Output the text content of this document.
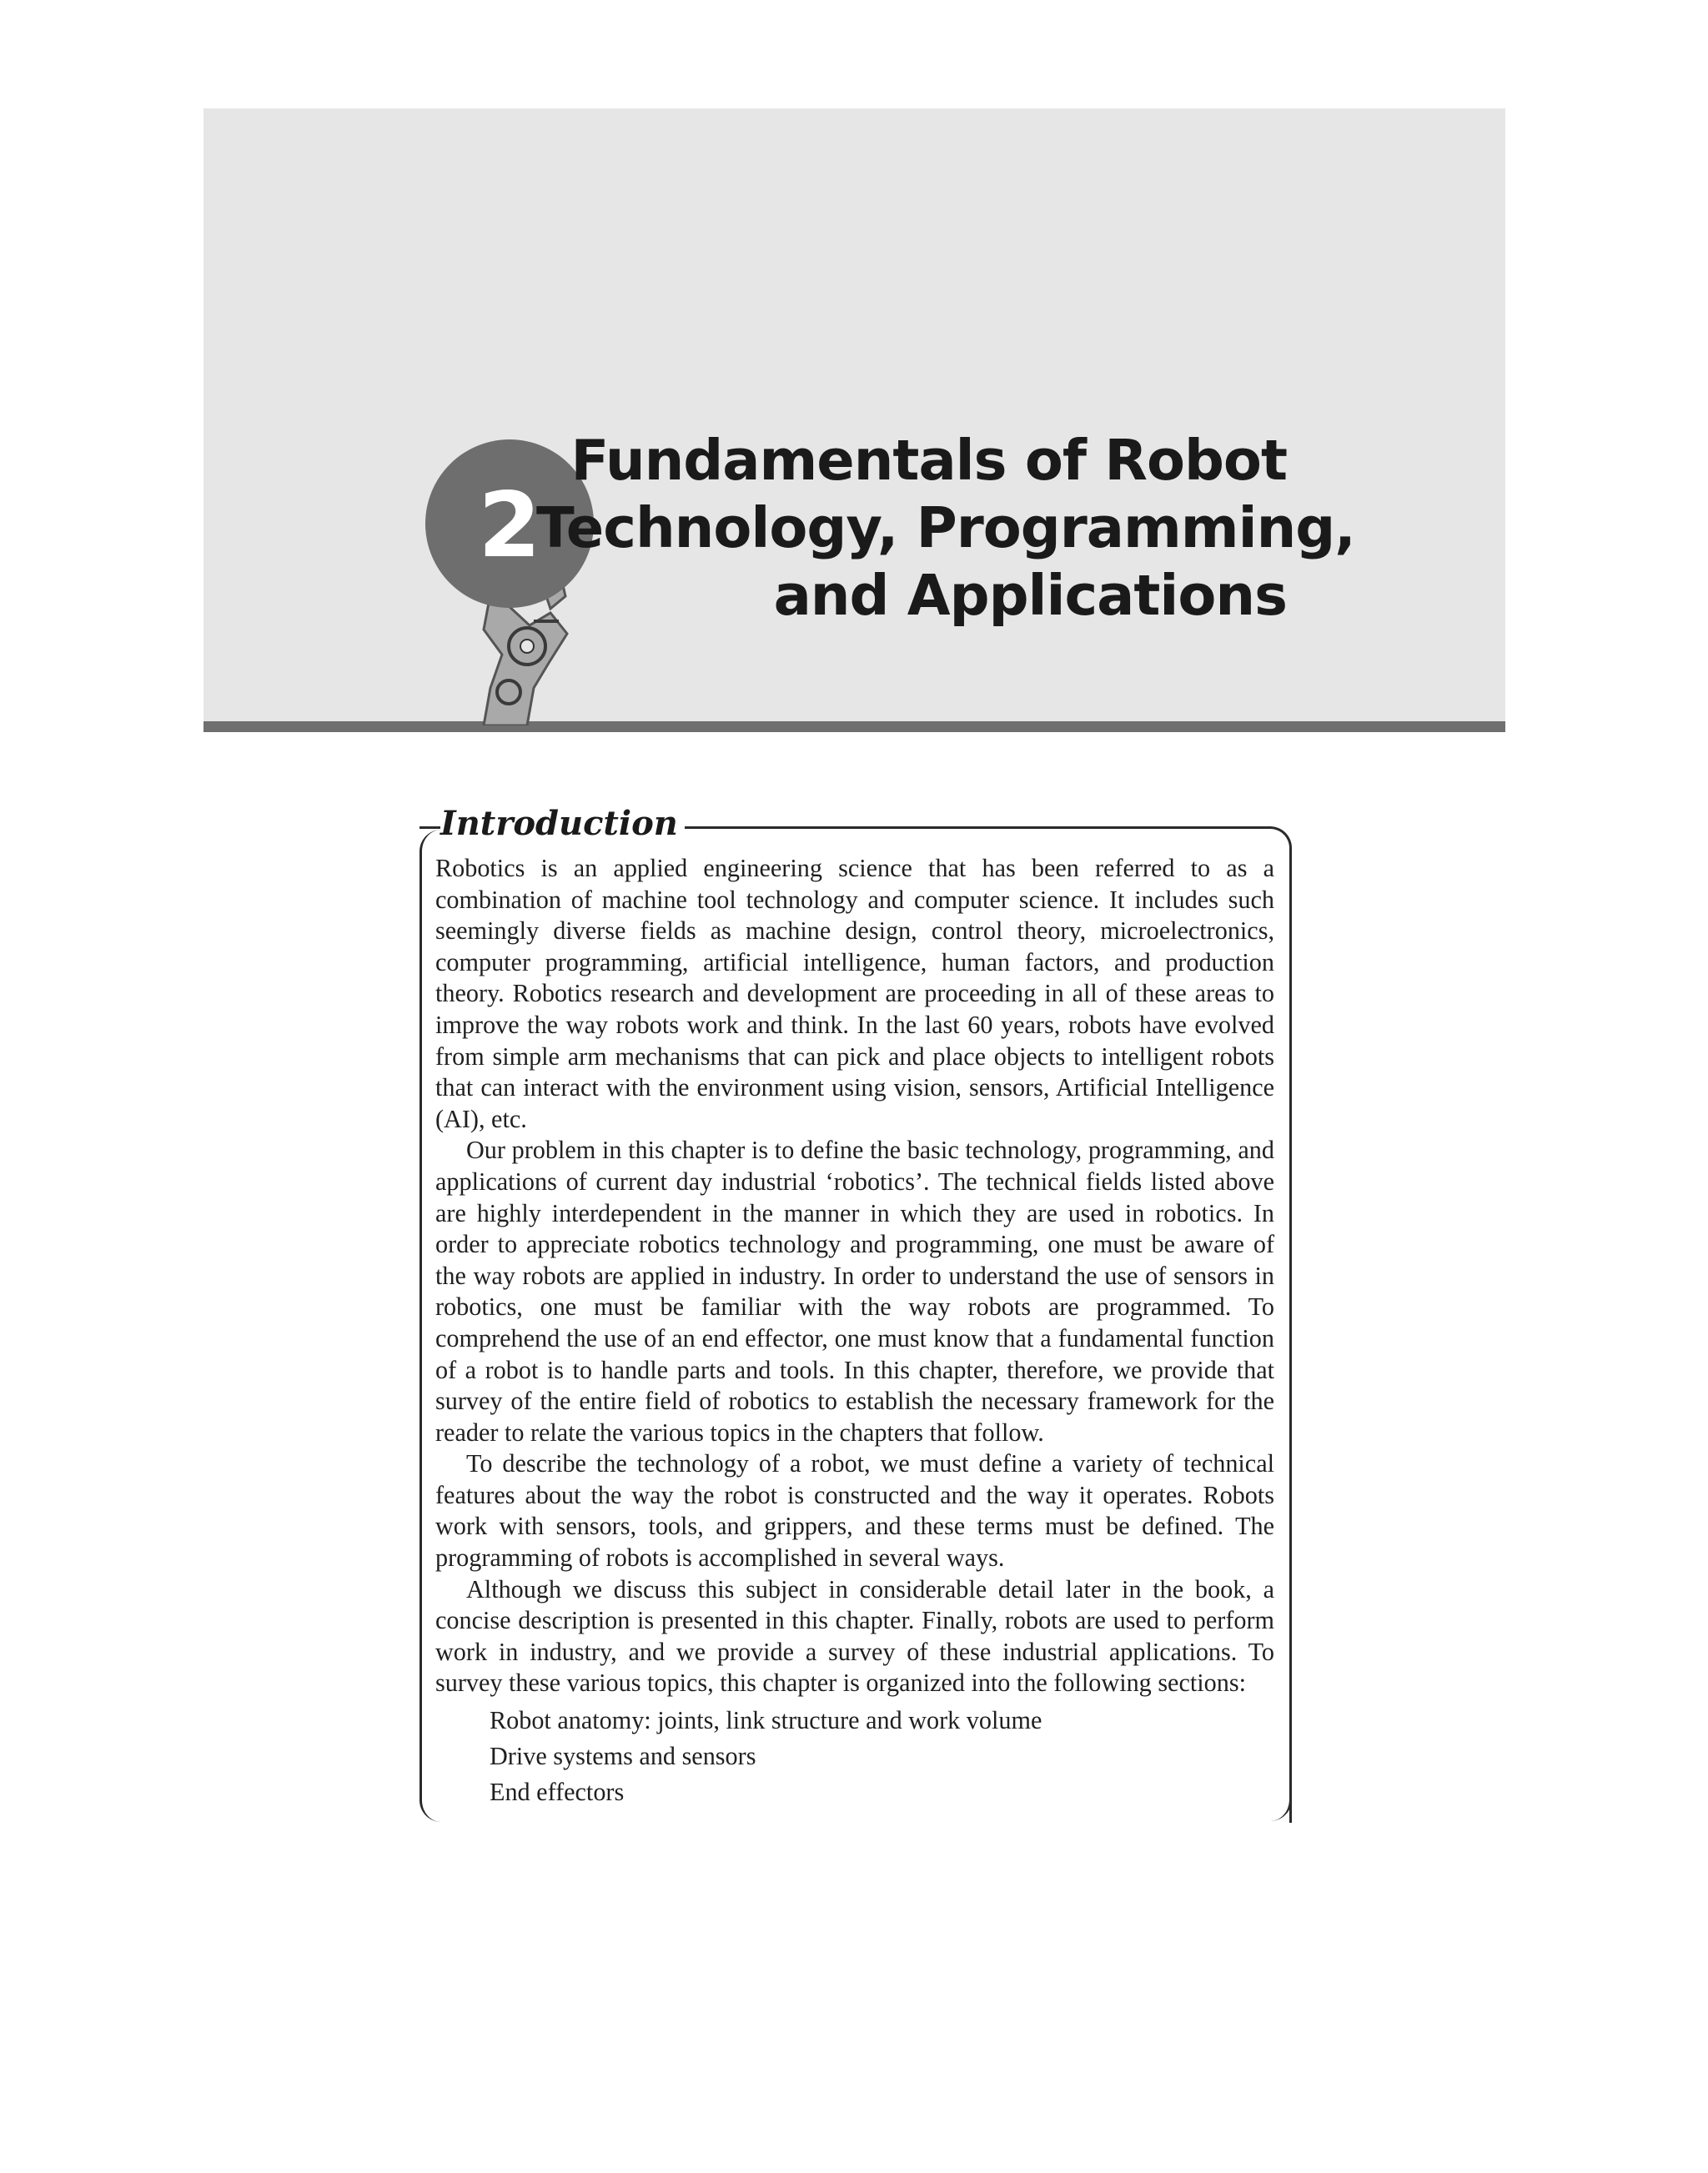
2
Fundamentals of Robot
Technology, Programming,
and Applications
Introduction

Robotics is an applied engineering science that has been referred to as a combination of machine tool technology and computer science. It includes such seemingly diverse fields as machine design, control theory, microelectronics, computer programming, artificial intelligence, human factors, and production theory. Robotics research and development are proceeding in all of these areas to improve the way robots work and think. In the last 60 years, robots have evolved from simple arm mechanisms that can pick and place objects to intelligent robots that can interact with the environment using vision, sensors, Artificial Intelligence (AI), etc.

Our problem in this chapter is to define the basic technology, programming, and applications of current day industrial ‘robotics’. The technical fields listed above are highly interdependent in the manner in which they are used in robotics. In order to appreciate robotics technology and programming, one must be aware of the way robots are applied in industry. In order to understand the use of sensors in robotics, one must be familiar with the way robots are programmed. To comprehend the use of an end effector, one must know that a fundamental function of a robot is to handle parts and tools. In this chapter, therefore, we provide that survey of the entire field of robotics to establish the necessary framework for the reader to relate the various topics in the chapters that follow.

To describe the technology of a robot, we must define a variety of technical features about the way the robot is constructed and the way it operates. Robots work with sensors, tools, and grippers, and these terms must be defined. The programming of robots is accomplished in several ways.

Although we discuss this subject in considerable detail later in the book, a concise description is presented in this chapter. Finally, robots are used to perform work in industry, and we provide a survey of these industrial applications. To survey these various topics, this chapter is organized into the following sections:

Robot anatomy: joints, link structure and work volume
Drive systems and sensors
End effectors
